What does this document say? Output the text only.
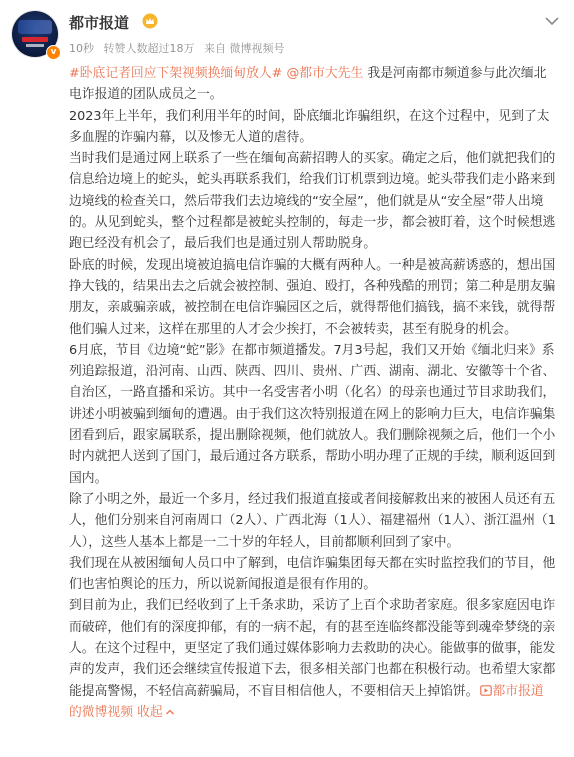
v
都市报道
10秒 转赞人数超过18万 来自 微博视频号

#卧底记者回应下架视频换缅甸放人# @都市大先生 我是河南都市频道参与此次缅北电诈报道的团队成员之一。

2023年上半年，我们利用半年的时间，卧底缅北诈骗组织，在这个过程中，见到了太多血腥的诈骗内幕，以及惨无人道的虐待。

当时我们是通过网上联系了一些在缅甸高薪招聘人的买家。确定之后，他们就把我们的信息给边境上的蛇头，蛇头再联系我们，给我们订机票到边境。蛇头带我们走小路来到边境线的检查关口，然后带我们去边境线的“安全屋”，他们就是从“安全屋”带人出境的。从见到蛇头，整个过程都是被蛇头控制的，每走一步，都会被盯着，这个时候想逃跑已经没有机会了，最后我们也是通过别人帮助脱身。

卧底的时候，发现出境被迫搞电信诈骗的大概有两种人。一种是被高薪诱惑的，想出国挣大钱的，结果出去之后就会被控制、强迫、殴打，各种残酷的刑罚；第二种是朋友骗朋友，亲戚骗亲戚，被控制在电信诈骗园区之后，就得帮他们搞钱，搞不来钱，就得帮他们骗人过来，这样在那里的人才会少挨打，不会被转卖，甚至有脱身的机会。

6月底，节目《边境“蛇”影》在都市频道播发。7月3号起，我们又开始《缅北归来》系列追踪报道，沿河南、山西、陕西、四川、贵州、广西、湖南、湖北、安徽等十个省、自治区，一路直播和采访。其中一名受害者小明（化名）的母亲也通过节目求助我们，讲述小明被骗到缅甸的遭遇。由于我们这次特别报道在网上的影响力巨大，电信诈骗集团看到后，跟家属联系，提出删除视频，他们就放人。我们删除视频之后，他们一个小时内就把人送到了国门，最后通过各方联系，帮助小明办理了正规的手续，顺利返回到国内。

除了小明之外，最近一个多月，经过我们报道直接或者间接解救出来的被困人员还有五人，他们分别来自河南周口（2人）、广西北海（1人）、福建福州（1人）、浙江温州（1人），这些人基本上都是一二十岁的年轻人，目前都顺利回到了家中。

我们现在从被困缅甸人员口中了解到，电信诈骗集团每天都在实时监控我们的节目，他们也害怕舆论的压力，所以说新闻报道是很有作用的。

到目前为止，我们已经收到了上千条求助，采访了上百个求助者家庭。很多家庭因电诈而破碎，他们有的深度抑郁，有的一病不起，有的甚至连临终都没能等到魂牵梦绕的亲人。在这个过程中，更坚定了我们通过媒体影响力去救助的决心。能做事的做事，能发声的发声，我们还会继续宣传报道下去，很多相关部门也都在积极行动。也希望大家都能提高警惕，不轻信高薪骗局，不盲目相信他人，不要相信天上掉馅饼。 都市报道的微博视频 收起
